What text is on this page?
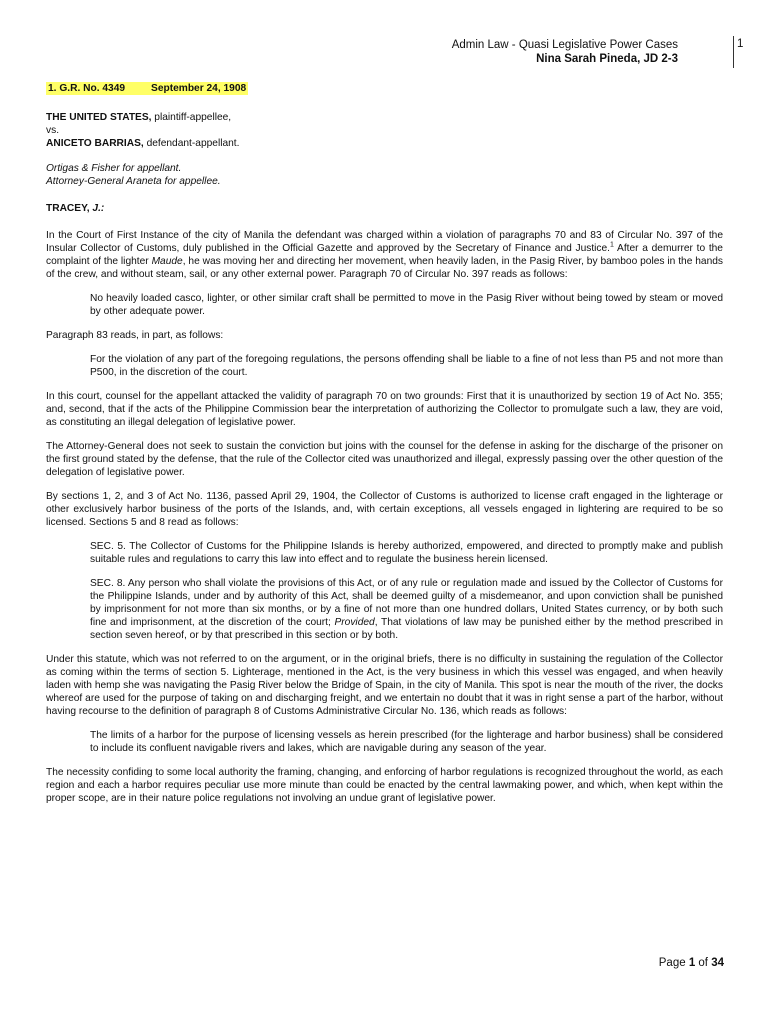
Admin Law - Quasi Legislative Power Cases
Nina Sarah Pineda, JD 2-3
1
1. G.R. No. 4349	September 24, 1908
THE UNITED STATES, plaintiff-appellee,
vs.
ANICETO BARRIAS, defendant-appellant.
Ortigas & Fisher for appellant.
Attorney-General Araneta for appellee.
TRACEY, J.:

In the Court of First Instance of the city of Manila the defendant was charged within a violation of paragraphs 70 and 83 of Circular No. 397 of the Insular Collector of Customs, duly published in the Official Gazette and approved by the Secretary of Finance and Justice.$^1$ After a demurrer to the complaint of the lighter Maude, he was moving her and directing her movement, when heavily laden, in the Pasig River, by bamboo poles in the hands of the crew, and without steam, sail, or any other external power. Paragraph 70 of Circular No. 397 reads as follows:

No heavily loaded casco, lighter, or other similar craft shall be permitted to move in the Pasig River without being towed by steam or moved by other adequate power.

Paragraph 83 reads, in part, as follows:

For the violation of any part of the foregoing regulations, the persons offending shall be liable to a fine of not less than P5 and not more than P500, in the discretion of the court.

In this court, counsel for the appellant attacked the validity of paragraph 70 on two grounds: First that it is unauthorized by section 19 of Act No. 355; and, second, that if the acts of the Philippine Commission bear the interpretation of authorizing the Collector to promulgate such a law, they are void, as constituting an illegal delegation of legislative power.

The Attorney-General does not seek to sustain the conviction but joins with the counsel for the defense in asking for the discharge of the prisoner on the first ground stated by the defense, that the rule of the Collector cited was unauthorized and illegal, expressly passing over the other question of the delegation of legislative power.

By sections 1, 2, and 3 of Act No. 1136, passed April 29, 1904, the Collector of Customs is authorized to license craft engaged in the lighterage or other exclusively harbor business of the ports of the Islands, and, with certain exceptions, all vessels engaged in lightering are required to be so licensed. Sections 5 and 8 read as follows:

SEC. 5. The Collector of Customs for the Philippine Islands is hereby authorized, empowered, and directed to promptly make and publish suitable rules and regulations to carry this law into effect and to regulate the business herein licensed.

SEC. 8. Any person who shall violate the provisions of this Act, or of any rule or regulation made and issued by the Collector of Customs for the Philippine Islands, under and by authority of this Act, shall be deemed guilty of a misdemeanor, and upon conviction shall be punished by imprisonment for not more than six months, or by a fine of not more than one hundred dollars, United States currency, or by both such fine and imprisonment, at the discretion of the court; Provided, That violations of law may be punished either by the method prescribed in section seven hereof, or by that prescribed in this section or by both.

Under this statute, which was not referred to on the argument, or in the original briefs, there is no difficulty in sustaining the regulation of the Collector as coming within the terms of section 5. Lighterage, mentioned in the Act, is the very business in which this vessel was engaged, and when heavily laden with hemp she was navigating the Pasig River below the Bridge of Spain, in the city of Manila. This spot is near the mouth of the river, the docks whereof are used for the purpose of taking on and discharging freight, and we entertain no doubt that it was in right sense a part of the harbor, without having recourse to the definition of paragraph 8 of Customs Administrative Circular No. 136, which reads as follows:

The limits of a harbor for the purpose of licensing vessels as herein prescribed (for the lighterage and harbor business) shall be considered to include its confluent navigable rivers and lakes, which are navigable during any season of the year.

The necessity confiding to some local authority the framing, changing, and enforcing of harbor regulations is recognized throughout the world, as each region and each a harbor requires peculiar use more minute than could be enacted by the central lawmaking power, and which, when kept within the proper scope, are in their nature police regulations not involving an undue grant of legislative power.

Page 1 of 34
